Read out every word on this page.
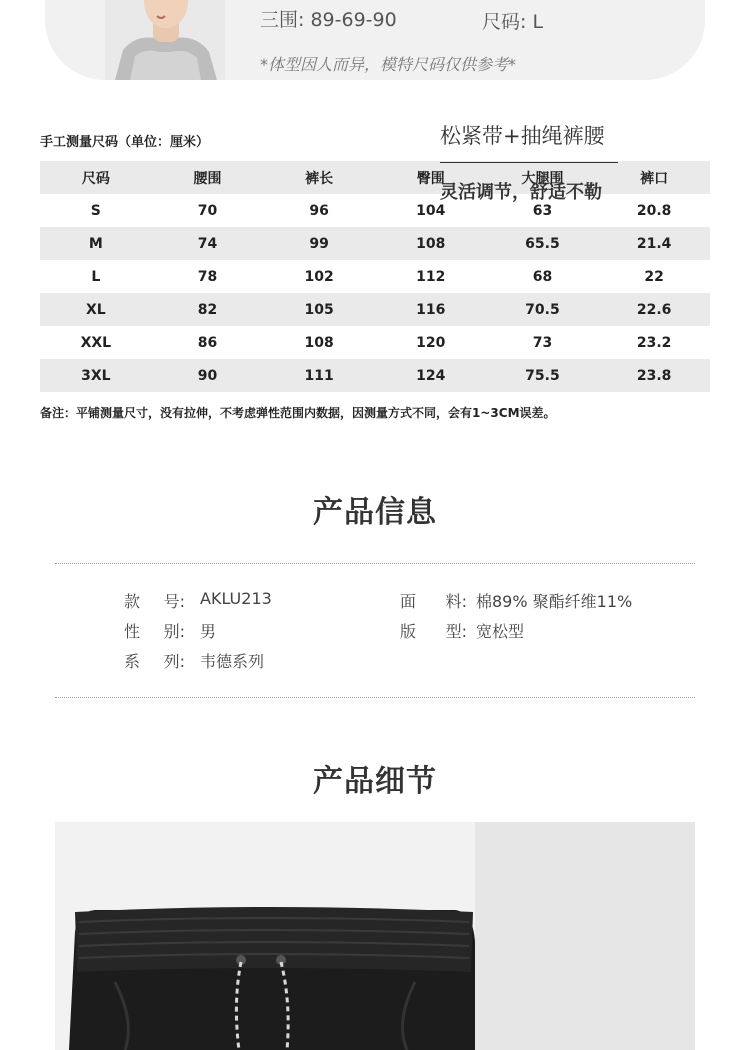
三围: 89-69-90	尺码: L
*体型因人而异，模特尺码仅供参考*
手工测量尺码（单位：厘米）
尺码	腰围	裤长	臀围	大腿围	裤口
S	70	96	104	63	20.8
M	74	99	108	65.5	21.4
L	78	102	112	68	22
XL	82	105	116	70.5	22.6
XXL	86	108	120	73	23.2
3XL	90	111	124	75.5	23.8
备注：平铺测量尺寸，没有拉伸，不考虑弹性范围内数据，因测量方式不同，会有1~3CM误差。
产品信息
款 号: AKLU213	面 料: 棉89% 聚酯纤维11%
性 别: 男	版 型: 宽松型
系 列: 韦德系列
产品细节
松紧带+抽绳裤腰
灵活调节，舒适不勒
